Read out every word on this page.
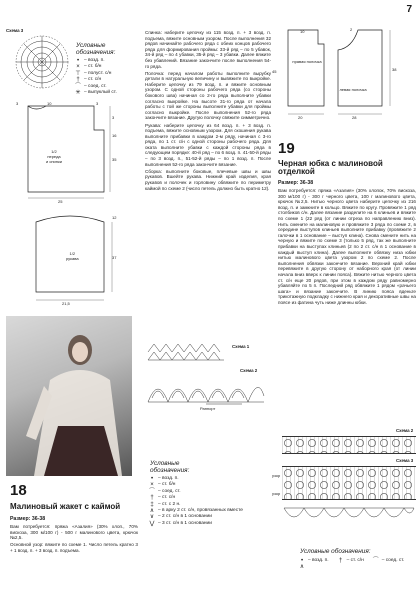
7
Схема 3
Условные
обозначения:
•	– возд. п.
× – ст. б/н
⊤ – полуст. с/н
† – ст. с/н
⌒ – соед. ст.
✳ – выпуклый ст.
3	10
35
3
25
3
16
1/2
переда
и спинки
12
37
21,5
1/2
рукава
18
Малиновый жакет с каймой
Размер: 36-38

Вам потребуется: пряжа «Азалия» (30% хлоп., 70% вискоза, 300 м/100 г) - 500 г малинового цвета, крючок №2,5.

Основной узор: вяжите по схеме 1. Число петель кратно 3 + 1 возд. п. + 3 возд. п. подъема.

Спинка: наберите цепочку из 115 возд. п. + 3 возд. п. подъема, вяжите основным узором. После выполнения 32 рядов начинайте рабочего ряда с обеих концов рабочего ряда для формирования проймы: 33-й ряд – по 5 убавок, 34-й ряд – по 4 убавки, 35-й ряд – 3 убавки. Далее вяжите без убавлений. Вязание закончите после выполнения 54-го ряда.

Полочка: перед началом работы выполните вырубку детали в натуральную величину и вывяжите по выкройке. Наберите цепочку из 79 возд. п. и вяжите основным узором. С одной стороны рабочего ряда (со стороны бокового шва) начиная со 2-го ряда выполните убавки согласно выкройке. На высоте 31-го ряда от начала работы с той же стороны выполните убавки для проймы согласно выкройке. После выполнения 52-го ряда закончите вязание. Другую полочку свяжите симметрично.

Рукава: наберите цепочку из 64 возд. п. + 3 возд. п. подъема, вяжите основным узором. Для скошения рукава выполните прибавки в каждом 2-м ряду, начиная с 3-го ряда, по 1 ст. с/н с одной стороны рабочего ряда. Для оката выполните убавки с каждой стороны ряда в следующем порядке: 40-й ряд – по 6 возд. п. 41-50-й ряды – по 3 возд. п., 51-52-й ряды – по 1 возд. п. После выполнения 52-го ряда закончите вязание.

Сборка: выполните боковые, плечевые швы и швы рукавов. Вшейте рукава. Нижний край изделия, края рукавов и полочек и горловину обвяжите по периметру каймой по схеме 2 (число петель должно быть кратно 12).

Схема 1
Схема 2
Раппорт
Условные
обозначения:
•	– возд. п.
× – ст. б/н
⌒ – соед. ст.
† – ст. с/н
‡ – ст. с 2 н.
∧ – в арку 2 ст. с/н, провязанных вместе
∨ – 2 ст. с/н в 1 основании
⋁ – 3 ст. с/н в 1 основании
правая полочка
левая полочка
10
38
45
2
20	28
19
Черная юбка с малиновой отделкой
Размер: 36-38

Вам потребуется: пряжа «Азалия» (30% хлопок, 70% вискоза, 300 м/100 г) - 300 г черного цвета, 100 г малинового цвета, крючок №2,5. Нитью черного цвета наберите цепочку из 216 возд. п. и замкните в кольцо. Вяжите по кругу. Провяжите 1 ряд столбиков с/н. Далее вязание разделите на 6 клиньев и вяжите по схеме 1 (22 ряд (от линии отреза по направлению вниз). Нить смените на малиновую и провяжите 3 ряда по схеме 2, в середине выступов клиньев выполните прибавку (провяжите 2 галочки в 1 основание – выступ клина). Снова смените нить на черную и вяжите по схеме 3 (только 5 ряд, так же выполните прибавки на выступах клиньев (2 по 2 ст. с/н в 1 основание в каждый выступ клина). Далее выполните обвязку низа юбки нитью малинового цвета узором 2 по схеме 2. После выполнения обвязки закончите вязание. Верхний край юбки перевяжите в другую сторону от наборного края (от линии начала вниз вверх к линии пояса). Вяжите нитью черного цвета ст. с/н еще 20 рядов, при этом в каждом ряду равномерно убавляйте по 5 п. Последний ряд обвяжите 1 рядом «рачьего шага» и вязание закончите. В линию пояса вденьте трикотажную подкладку с нижнего края и декоративные швы на поясе из фатина чуть ниже длинны юбки.

Схема 2
Схема 3
узор
узор
Условные обозначения:
•	– возд. п.	† – ст. с/н	⌒ – соед. ст.
∧
